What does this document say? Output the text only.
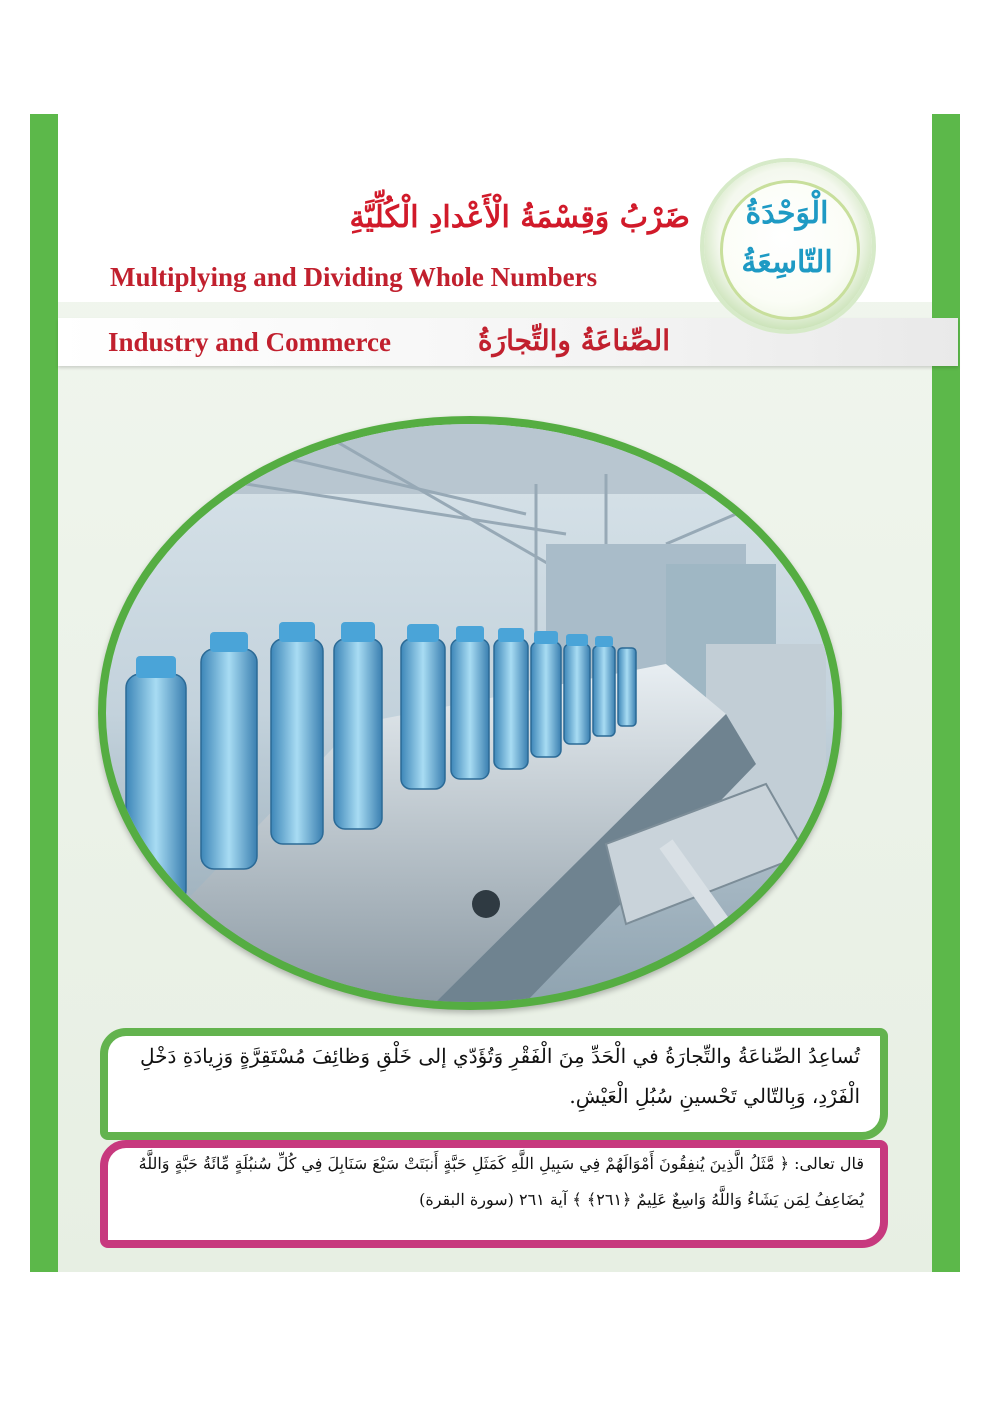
ضَرْبُ وَقِسْمَةُ الْأَعْدادِ الْكُلِّيَّةِ
Multiplying and Dividing Whole Numbers
Industry and Commerce	الصِّناعَةُ والتِّجارَةُ
الْوَحْدَةُ
التّاسِعَةُ
تُساعِدُ الصِّناعَةُ والتِّجارَةُ في الْحَدِّ مِنَ الْفَقْرِ وَتُؤَدّي إلى خَلْقِ وَظائِفَ مُسْتَقِرَّةٍ وَزِيادَةِ دَخْلِ الْفَرْدِ، وَبِالتّالي تَحْسينِ سُبُلِ الْعَيْشِ.
قال تعالى: ﴿ مَّثَلُ الَّذِينَ يُنفِقُونَ أَمْوَالَهُمْ فِي سَبِيلِ اللَّهِ كَمَثَلِ حَبَّةٍ أَنبَتَتْ سَبْعَ سَنَابِلَ فِي كُلِّ سُنبُلَةٍ مِّائَةُ حَبَّةٍ وَاللَّهُ يُضَاعِفُ لِمَن يَشَاءُ وَاللَّهُ وَاسِعٌ عَلِيمٌ ﴿٢٦١﴾ ﴾ آية ٢٦١ (سورة البقرة)
